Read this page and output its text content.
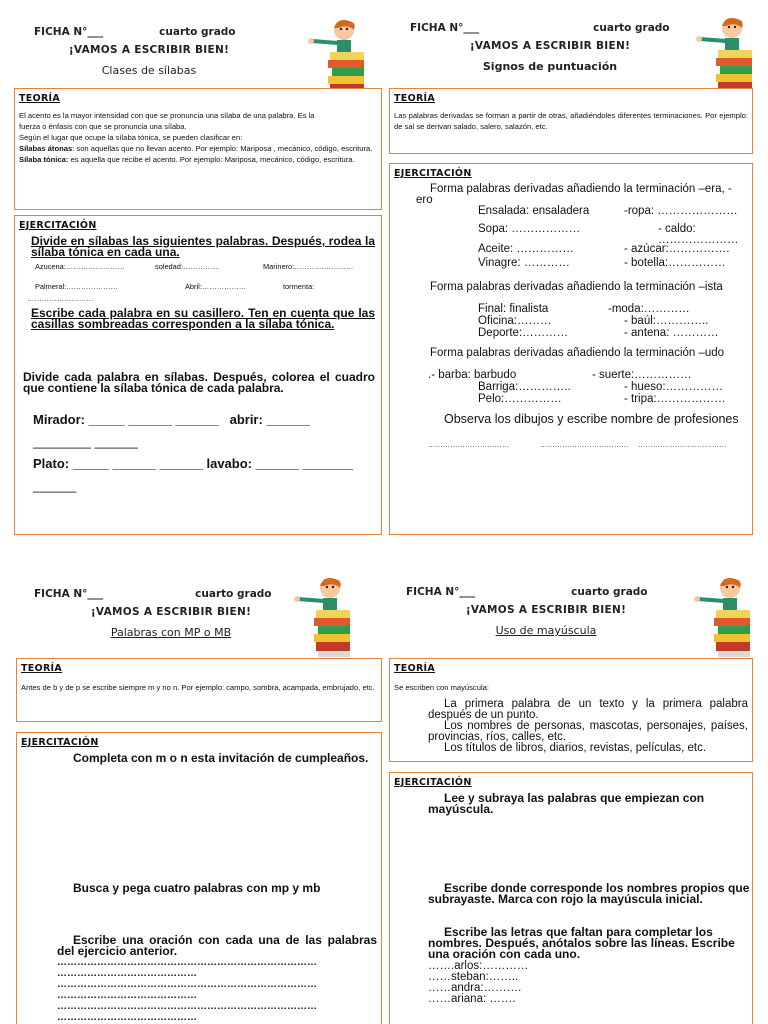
FICHA N°___	cuarto grado
¡VAMOS A ESCRIBIR BIEN!
Clases de sílabas
TEORÍA
El acento es la mayor intensidad con que se pronuncia una sílaba de una palabra. Es la
fuerza o énfasis con que se pronuncia una sílaba.
Según el lugar que ocupe la sílaba tónica, se pueden clasificar en:
Sílabas átonas: son aquellas que no llevan acento. Por ejemplo: Mariposa , mecánico, código, escritura.
Sílaba tónica: es aquella que recibe el acento. Por ejemplo: Mariposa, mecánico, código, escritura.
EJERCITACIÓN
Divide en sílabas las siguientes palabras. Después, rodea la sílaba tónica en cada una.
Azucena:……………………	soledad:……………	Marinero:……………………
Palmeral:…………………	Abril:………………	tormenta:
………………………
Escribe cada palabra en su casillero. Ten en cuenta que las casillas sombreadas corresponden a la sílaba tónica.
Divide cada palabra en sílabas. Después, colorea el cuadro que contiene la sílaba tónica de cada palabra.
Mirador: _____ ______ ______   abrir: ______
________ ______
Plato: _____ ______ ______ lavabo: ______ _______
______
FICHA N°___	cuarto grado
¡VAMOS A ESCRIBIR BIEN!
Signos de puntuación
TEORÍA
Las palabras derivadas se forman a partir de otras, añadiéndoles diferentes terminaciones. Por ejemplo: de sal se derivan salado, salero, salazón, etc.
EJERCITACIÓN
Forma palabras derivadas añadiendo la terminación –era, -ero
Ensalada: ensaladera	-ropa: …………………
Sopa: ………………	- caldo: …………………
Aceite: ……………	- azúcar:…………….
Vinagre: …………	- botella:……………
Forma palabras derivadas añadiendo la terminación –ista
Final: finalista	-moda:…………
Oficina:………	- baúl:…………..
Deporte:…………	- antena: …………
Forma palabras derivadas añadiendo la terminación –udo
.- barba: barbudo	- suerte:……………
Barriga:…………..	- hueso:……………
Pelo:……………	- tripa:………………
Observa los dibujos y escribe nombre de profesiones
……………………………	……………………………… ………………………………
FICHA N°___	cuarto grado
¡VAMOS A ESCRIBIR BIEN!
Palabras con MP o MB
TEORÍA
Antes de b y de p se escribe siempre m y no n. Por ejemplo: campo, sombra, acampada, embrujado, etc.
EJERCITACIÓN
Completa con m o n esta invitación de cumpleaños.
Busca y pega cuatro palabras con mp y mb
Escribe una oración con cada una de las palabras del ejercicio anterior.
……………………………………………………………………
……………………………………
……………………………………………………………………
……………………………………
……………………………………………………………………
……………………………………
FICHA N°___	cuarto grado
¡VAMOS A ESCRIBIR BIEN!
Uso de mayúscula
TEORÍA
Se escriben con mayúscula:
La primera palabra de un texto y la primera palabra después de un punto.
Los nombres de personas, mascotas, personajes, países, provincias, ríos, calles, etc.
Los títulos de libros, diarios, revistas, películas, etc.
EJERCITACIÓN
Lee y subraya las palabras que empiezan con mayúscula.
Escribe donde corresponde los nombres propios que subrayaste. Marca con rojo la mayúscula inicial.
Escribe las letras que faltan para completar los nombres. Después, anótalos sobre las líneas. Escribe una oración con cada uno.
…….arlos:…………
……steban:……..
……andra:……….
……ariana: …….
